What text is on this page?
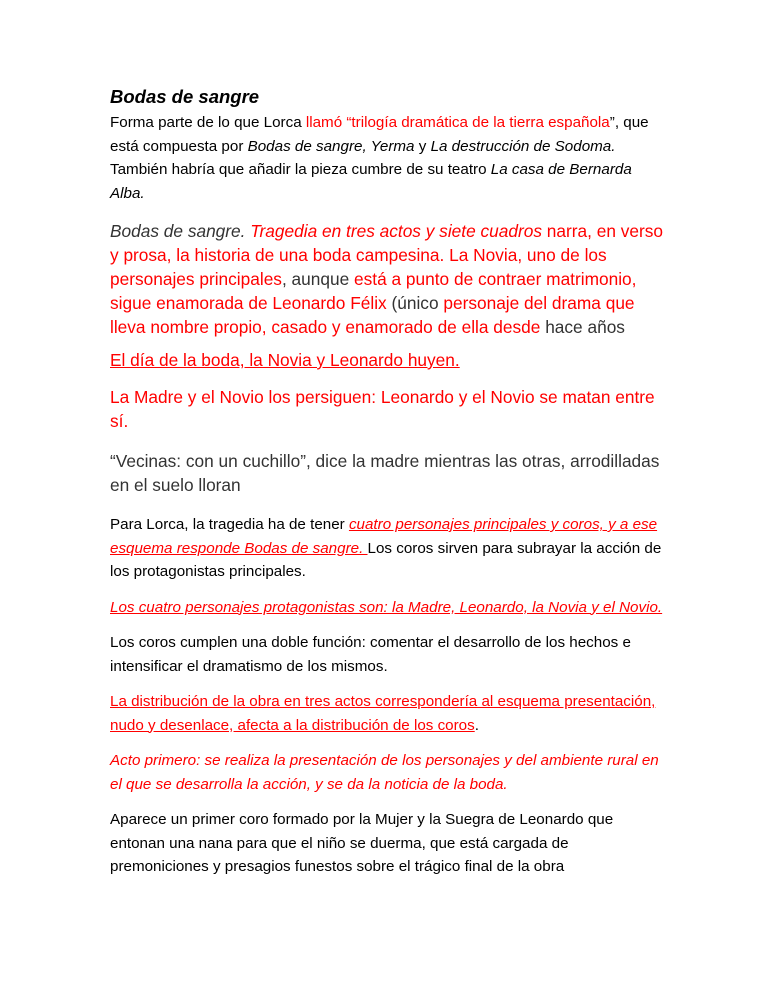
Bodas de sangre

Forma parte de lo que Lorca llamó “trilogía dramática de la tierra española”, que está compuesta por Bodas de sangre, Yerma y La destrucción de Sodoma. También habría que añadir la pieza cumbre de su teatro La casa de Bernarda Alba.

Bodas de sangre. Tragedia en tres actos y siete cuadros narra, en verso y prosa, la historia de una boda campesina. La Novia, uno de los personajes principales, aunque está a punto de contraer matrimonio, sigue enamorada de Leonardo Félix (único personaje del drama que lleva nombre propio, casado y enamorado de ella desde hace años

El día de la boda, la Novia y Leonardo huyen.

La Madre y el Novio los persiguen: Leonardo y el Novio se matan entre sí.

“Vecinas: con un cuchillo”, dice la madre mientras las otras, arrodilladas en el suelo lloran

Para Lorca, la tragedia ha de tener cuatro personajes principales y coros, y a ese esquema responde Bodas de sangre. Los coros sirven para subrayar la acción de los protagonistas principales.

Los cuatro personajes protagonistas son: la Madre, Leonardo, la Novia y el Novio.

Los coros cumplen una doble función: comentar el desarrollo de los hechos e intensificar el dramatismo de los mismos.

La distribución de la obra en tres actos correspondería al esquema presentación, nudo y desenlace, afecta a la distribución de los coros.

Acto primero: se realiza la presentación de los personajes y del ambiente rural en el que se desarrolla la acción, y se da la noticia de la boda.

Aparece un primer coro formado por la Mujer y la Suegra de Leonardo que entonan una nana para que el niño se duerma, que está cargada de premoniciones y presagios funestos sobre el trágico final de la obra
